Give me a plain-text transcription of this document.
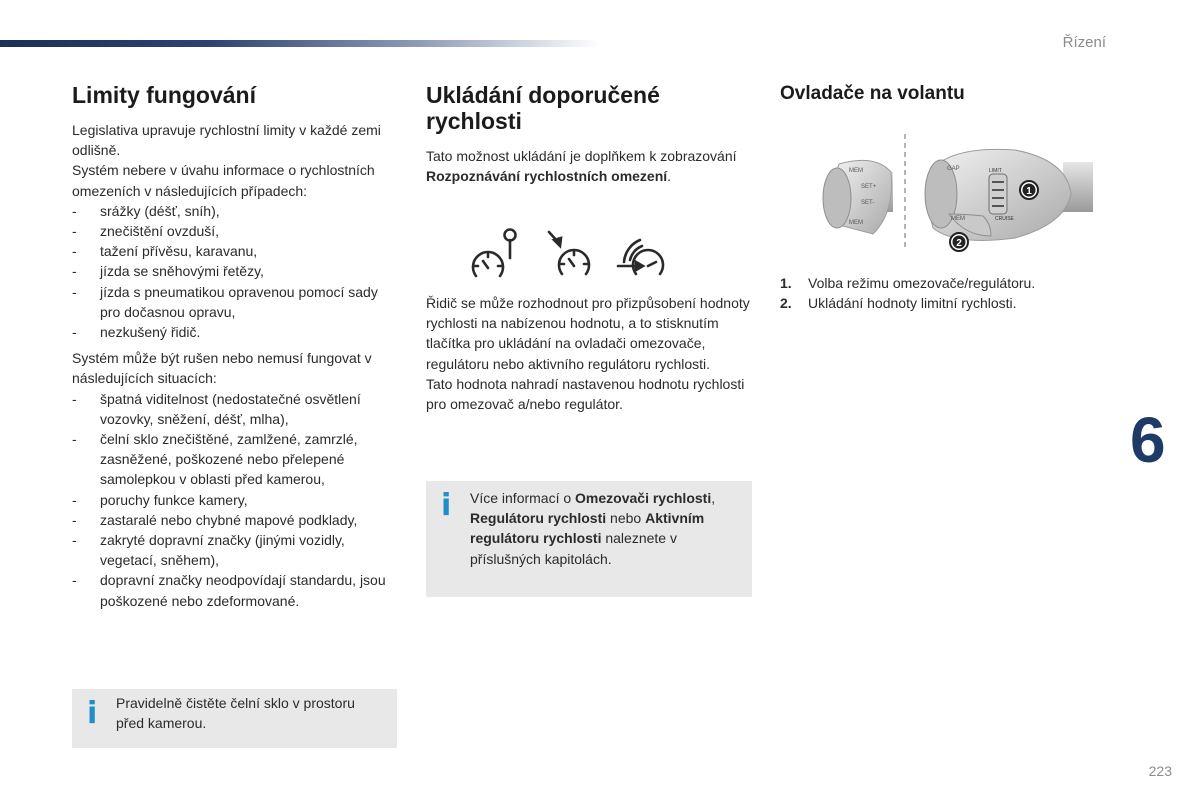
Řízení
6
223
Limity fungování

Legislativa upravuje rychlostní limity v každé zemi odlišně.

Systém nebere v úvahu informace o rychlostních omezeních v následujících případech:

- srážky (déšť, sníh),
- znečištění ovzduší,
- tažení přívěsu, karavanu,
- jízda se sněhovými řetězy,
- jízda s pneumatikou opravenou pomocí sady pro dočasnou opravu,
- nezkušený řidič.

Systém může být rušen nebo nemusí fungovat v následujících situacích:

- špatná viditelnost (nedostatečné osvětlení vozovky, sněžení, déšť, mlha),
- čelní sklo znečištěné, zamlžené, zamrzlé, zasněžené, poškozené nebo přelepené samolepkou v oblasti před kamerou,
- poruchy funkce kamery,
- zastaralé nebo chybné mapové podklady,
- zakryté dopravní značky (jinými vozidly, vegetací, sněhem),
- dopravní značky neodpovídají standardu, jsou poškozené nebo zdeformované.
i Pravidelně čistěte čelní sklo v prostoru před kamerou.
Ukládání doporučené
rychlosti

Tato možnost ukládání je doplňkem k zobrazování Rozpoznávání rychlostních omezení.

Řidič se může rozhodnout pro přizpůsobení hodnoty rychlosti na nabízenou hodnotu, a to stisknutím tlačítka pro ukládání na ovladači omezovače, regulátoru nebo aktivního regulátoru rychlosti.

Tato hodnota nahradí nastavenou hodnotu rychlosti pro omezovač a/nebo regulátor.

i Více informací o Omezovači rychlosti, Regulátoru rychlosti nebo Aktivním regulátoru rychlosti naleznete v příslušných kapitolách.
Ovladače na volantu
MEM
SET+
SET-
MEM
GAP	LIMIT
CRUISE
MEM
1
2
1. Volba režimu omezovače/regulátoru.
2. Ukládání hodnoty limitní rychlosti.
